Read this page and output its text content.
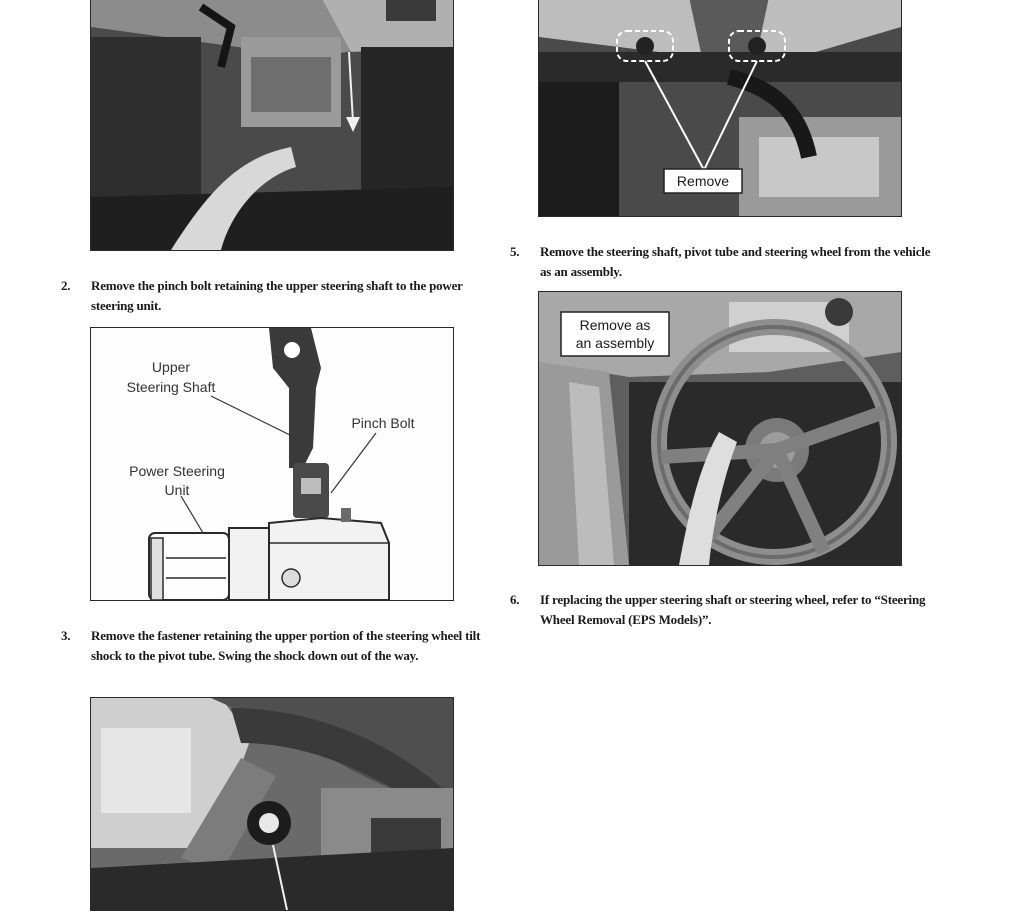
2. Remove the pinch bolt retaining the upper steering shaft to the power steering unit.
Upper
Steering Shaft
Pinch Bolt
Power Steering
Unit
3. Remove the fastener retaining the upper portion of the steering wheel tilt shock to the pivot tube. Swing the shock down out of the way.
Remove
5. Remove the steering shaft, pivot tube and steering wheel from the vehicle as an assembly.
Remove as
an assembly
6. If replacing the upper steering shaft or steering wheel, refer to “Steering Wheel Removal (EPS Models)”.
